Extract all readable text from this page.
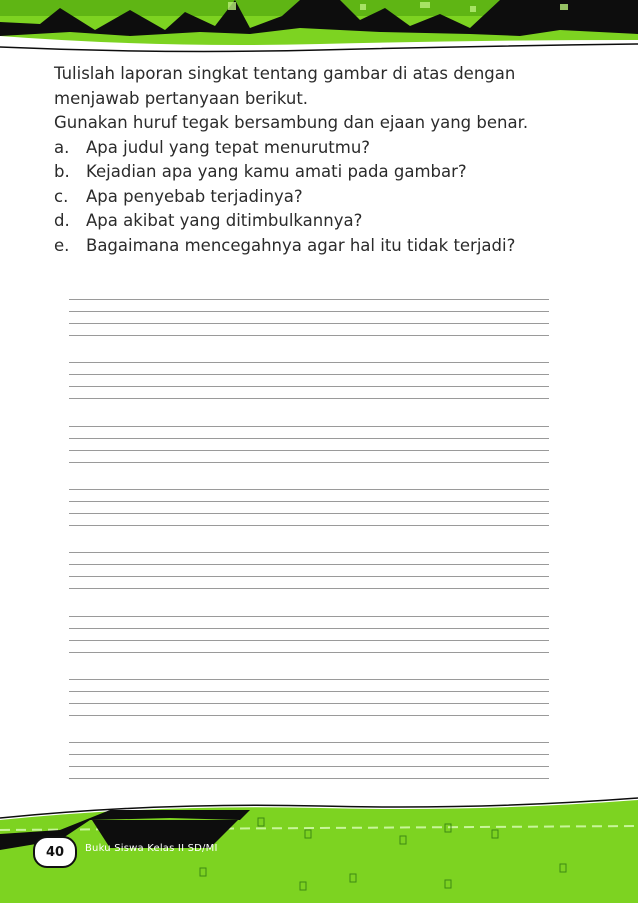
Tulislah laporan singkat tentang gambar di atas dengan menjawab pertanyaan berikut.

Gunakan huruf tegak bersambung dan ejaan yang benar.

a.	Apa judul yang tepat menurutmu?
b. Kejadian apa yang kamu amati pada gambar?
c.	Apa penyebab terjadinya?
d. Apa akibat yang ditimbulkannya?
e.	Bagaimana mencegahnya agar hal itu tidak terjadi?
40	Buku Siswa Kelas II SD/MI
